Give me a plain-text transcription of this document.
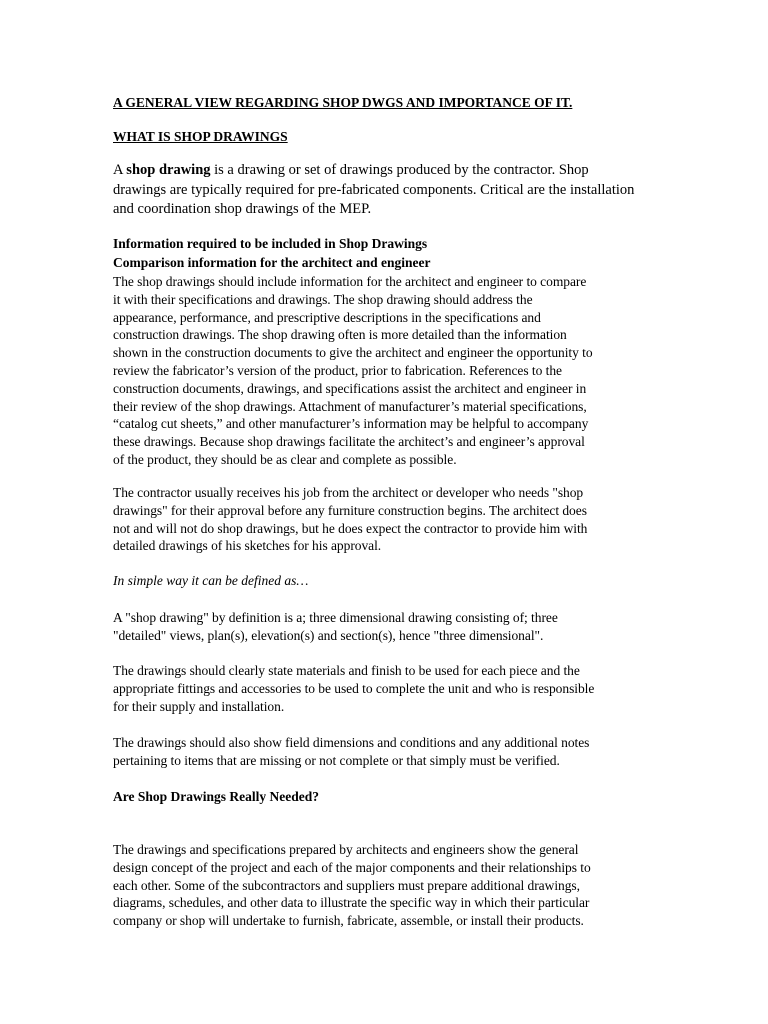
A GENERAL VIEW REGARDING SHOP DWGS AND IMPORTANCE OF IT.
WHAT IS SHOP DRAWINGS
A shop drawing is a drawing or set of drawings produced by the contractor. Shop
drawings are typically required for pre-fabricated components. Critical are the installation
and coordination shop drawings of the MEP.
Information required to be included in Shop Drawings
Comparison information for the architect and engineer
The shop drawings should include information for the architect and engineer to compare
it with their specifications and drawings. The shop drawing should address the
appearance, performance, and prescriptive descriptions in the specifications and
construction drawings. The shop drawing often is more detailed than the information
shown in the construction documents to give the architect and engineer the opportunity to
review the fabricator’s version of the product, prior to fabrication. References to the
construction documents, drawings, and specifications assist the architect and engineer in
their review of the shop drawings. Attachment of manufacturer’s material specifications,
“catalog cut sheets,” and other manufacturer’s information may be helpful to accompany
these drawings. Because shop drawings facilitate the architect’s and engineer’s approval
of the product, they should be as clear and complete as possible.
The contractor usually receives his job from the architect or developer who needs "shop
drawings" for their approval before any furniture construction begins. The architect does
not and will not do shop drawings, but he does expect the contractor to provide him with
detailed drawings of his sketches for his approval.
In simple way it can be defined as…
A "shop drawing" by definition is a; three dimensional drawing consisting of; three
"detailed" views, plan(s), elevation(s) and section(s), hence "three dimensional".
The drawings should clearly state materials and finish to be used for each piece and the
appropriate fittings and accessories to be used to complete the unit and who is responsible
for their supply and installation.
The drawings should also show field dimensions and conditions and any additional notes
pertaining to items that are missing or not complete or that simply must be verified.
Are Shop Drawings Really Needed?
The drawings and specifications prepared by architects and engineers show the general
design concept of the project and each of the major components and their relationships to
each other. Some of the subcontractors and suppliers must prepare additional drawings,
diagrams, schedules, and other data to illustrate the specific way in which their particular
company or shop will undertake to furnish, fabricate, assemble, or install their products.
